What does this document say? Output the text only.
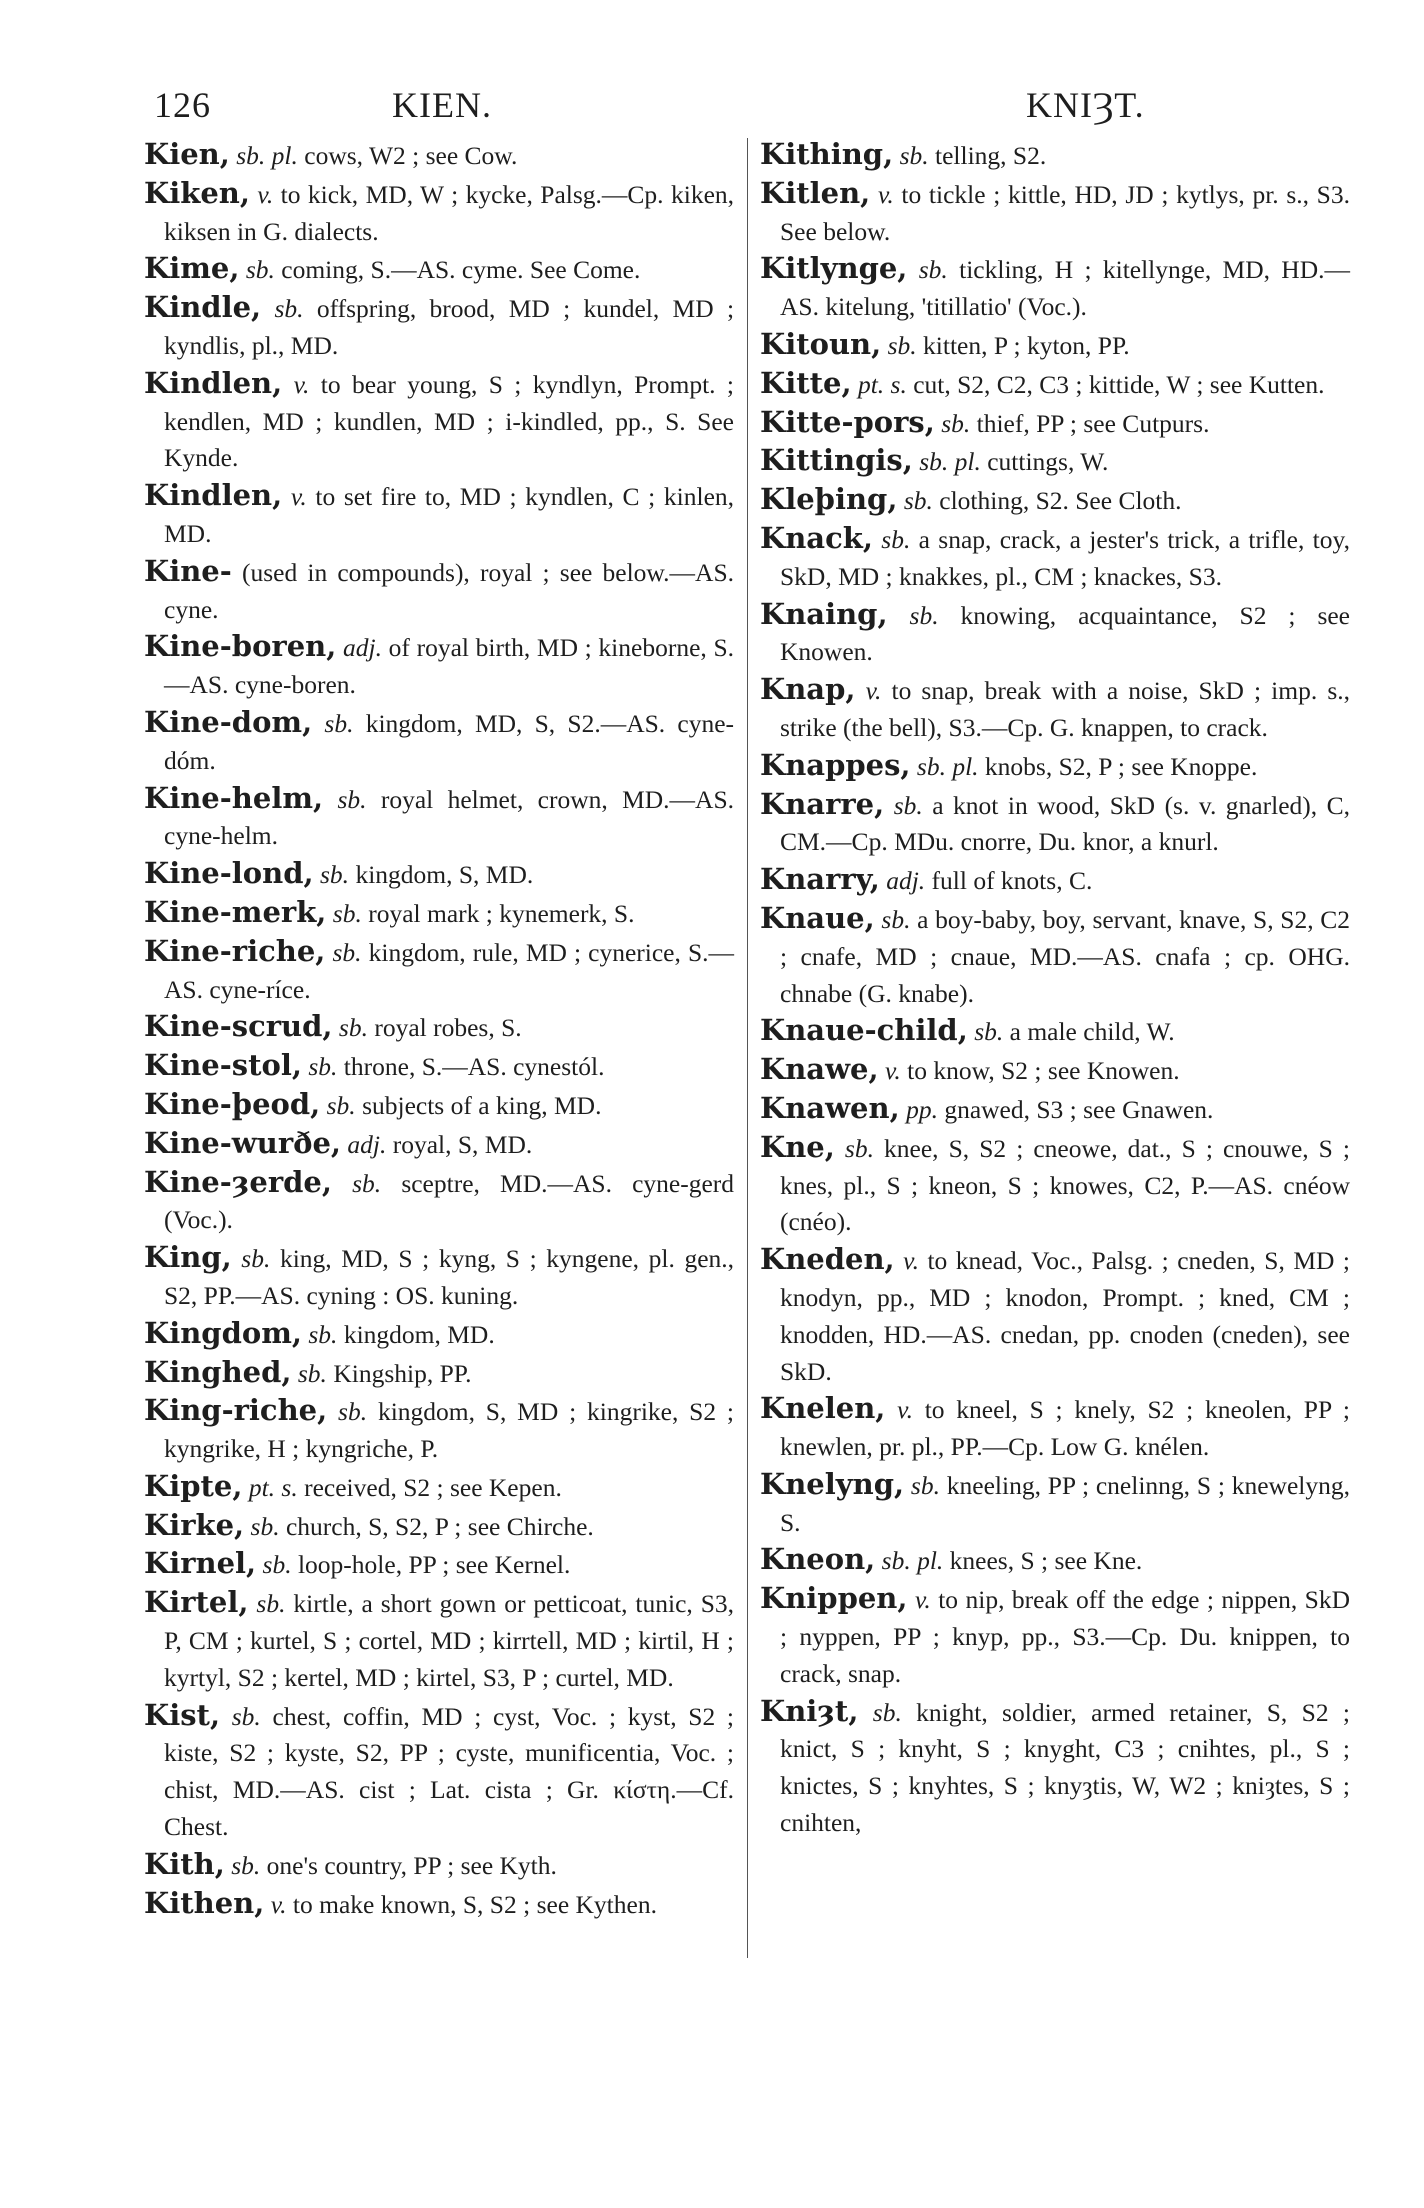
126	KIEN.	KNIȜT.

Kien, sb. pl. cows, W2 ; see Cow.

Kiken, v. to kick, MD, W ; kycke, Palsg.—Cp. kiken, kiksen in G. dialects.

Kime, sb. coming, S.—AS. cyme. See Come.

Kindle, sb. offspring, brood, MD ; kundel, MD ; kyndlis, pl., MD.

Kindlen, v. to bear young, S ; kyndlyn, Prompt. ; kendlen, MD ; kundlen, MD ; i-kindled, pp., S. See Kynde.

Kindlen, v. to set fire to, MD ; kyndlen, C ; kinlen, MD.

Kine- (used in compounds), royal ; see below.—AS. cyne.

Kine-boren, adj. of royal birth, MD ; kineborne, S.—AS. cyne-boren.

Kine-dom, sb. kingdom, MD, S, S2.—AS. cyne-dóm.

Kine-helm, sb. royal helmet, crown, MD.—AS. cyne-helm.

Kine-lond, sb. kingdom, S, MD.

Kine-merk, sb. royal mark ; kynemerk, S.

Kine-riche, sb. kingdom, rule, MD ; cynerice, S.—AS. cyne-ríce.

Kine-scrud, sb. royal robes, S.

Kine-stol, sb. throne, S.—AS. cynestól.

Kine-þeod, sb. subjects of a king, MD.

Kine-wurðe, adj. royal, S, MD.

Kine-ȝerde, sb. sceptre, MD.—AS. cyne-gerd (Voc.).

King, sb. king, MD, S ; kyng, S ; kyngene, pl. gen., S2, PP.—AS. cyning : OS. kuning.

Kingdom, sb. kingdom, MD.

Kinghed, sb. Kingship, PP.

King-riche, sb. kingdom, S, MD ; kingrike, S2 ; kyngrike, H ; kyngriche, P.

Kipte, pt. s. received, S2 ; see Kepen.

Kirke, sb. church, S, S2, P ; see Chirche.

Kirnel, sb. loop-hole, PP ; see Kernel.

Kirtel, sb. kirtle, a short gown or petticoat, tunic, S3, P, CM ; kurtel, S ; cortel, MD ; kirrtell, MD ; kirtil, H ; kyrtyl, S2 ; kertel, MD ; kirtel, S3, P ; curtel, MD.

Kist, sb. chest, coffin, MD ; cyst, Voc. ; kyst, S2 ; kiste, S2 ; kyste, S2, PP ; cyste, munificentia, Voc. ; chist, MD.—AS. cist ; Lat. cista ; Gr. κίστη.—Cf. Chest.

Kith, sb. one's country, PP ; see Kyth.

Kithen, v. to make known, S, S2 ; see Kythen.

Kithing, sb. telling, S2.

Kitlen, v. to tickle ; kittle, HD, JD ; kytlys, pr. s., S3. See below.

Kitlynge, sb. tickling, H ; kitellynge, MD, HD.—AS. kitelung, 'titillatio' (Voc.).

Kitoun, sb. kitten, P ; kyton, PP.

Kitte, pt. s. cut, S2, C2, C3 ; kittide, W ; see Kutten.

Kitte-pors, sb. thief, PP ; see Cutpurs.

Kittingis, sb. pl. cuttings, W.

Kleþing, sb. clothing, S2. See Cloth.

Knack, sb. a snap, crack, a jester's trick, a trifle, toy, SkD, MD ; knakkes, pl., CM ; knackes, S3.

Knaing, sb. knowing, acquaintance, S2 ; see Knowen.

Knap, v. to snap, break with a noise, SkD ; imp. s., strike (the bell), S3.—Cp. G. knappen, to crack.

Knappes, sb. pl. knobs, S2, P ; see Knoppe.

Knarre, sb. a knot in wood, SkD (s. v. gnarled), C, CM.—Cp. MDu. cnorre, Du. knor, a knurl.

Knarry, adj. full of knots, C.

Knaue, sb. a boy-baby, boy, servant, knave, S, S2, C2 ; cnafe, MD ; cnaue, MD.—AS. cnafa ; cp. OHG. chnabe (G. knabe).

Knaue-child, sb. a male child, W.

Knawe, v. to know, S2 ; see Knowen.

Knawen, pp. gnawed, S3 ; see Gnawen.

Kne, sb. knee, S, S2 ; cneowe, dat., S ; cnouwe, S ; knes, pl., S ; kneon, S ; knowes, C2, P.—AS. cnéow (cnéo).

Kneden, v. to knead, Voc., Palsg. ; cneden, S, MD ; knodyn, pp., MD ; knodon, Prompt. ; kned, CM ; knodden, HD.—AS. cnedan, pp. cnoden (cneden), see SkD.

Knelen, v. to kneel, S ; knely, S2 ; kneolen, PP ; knewlen, pr. pl., PP.—Cp. Low G. knélen.

Knelyng, sb. kneeling, PP ; cnelinng, S ; knewelyng, S.

Kneon, sb. pl. knees, S ; see Kne.

Knippen, v. to nip, break off the edge ; nippen, SkD ; nyppen, PP ; knyp, pp., S3.—Cp. Du. knippen, to crack, snap.

Kniȝt, sb. knight, soldier, armed retainer, S, S2 ; knict, S ; knyht, S ; knyght, C3 ; cnihtes, pl., S ; knictes, S ; knyhtes, S ; knyȝtis, W, W2 ; kniȝtes, S ; cnihten,
